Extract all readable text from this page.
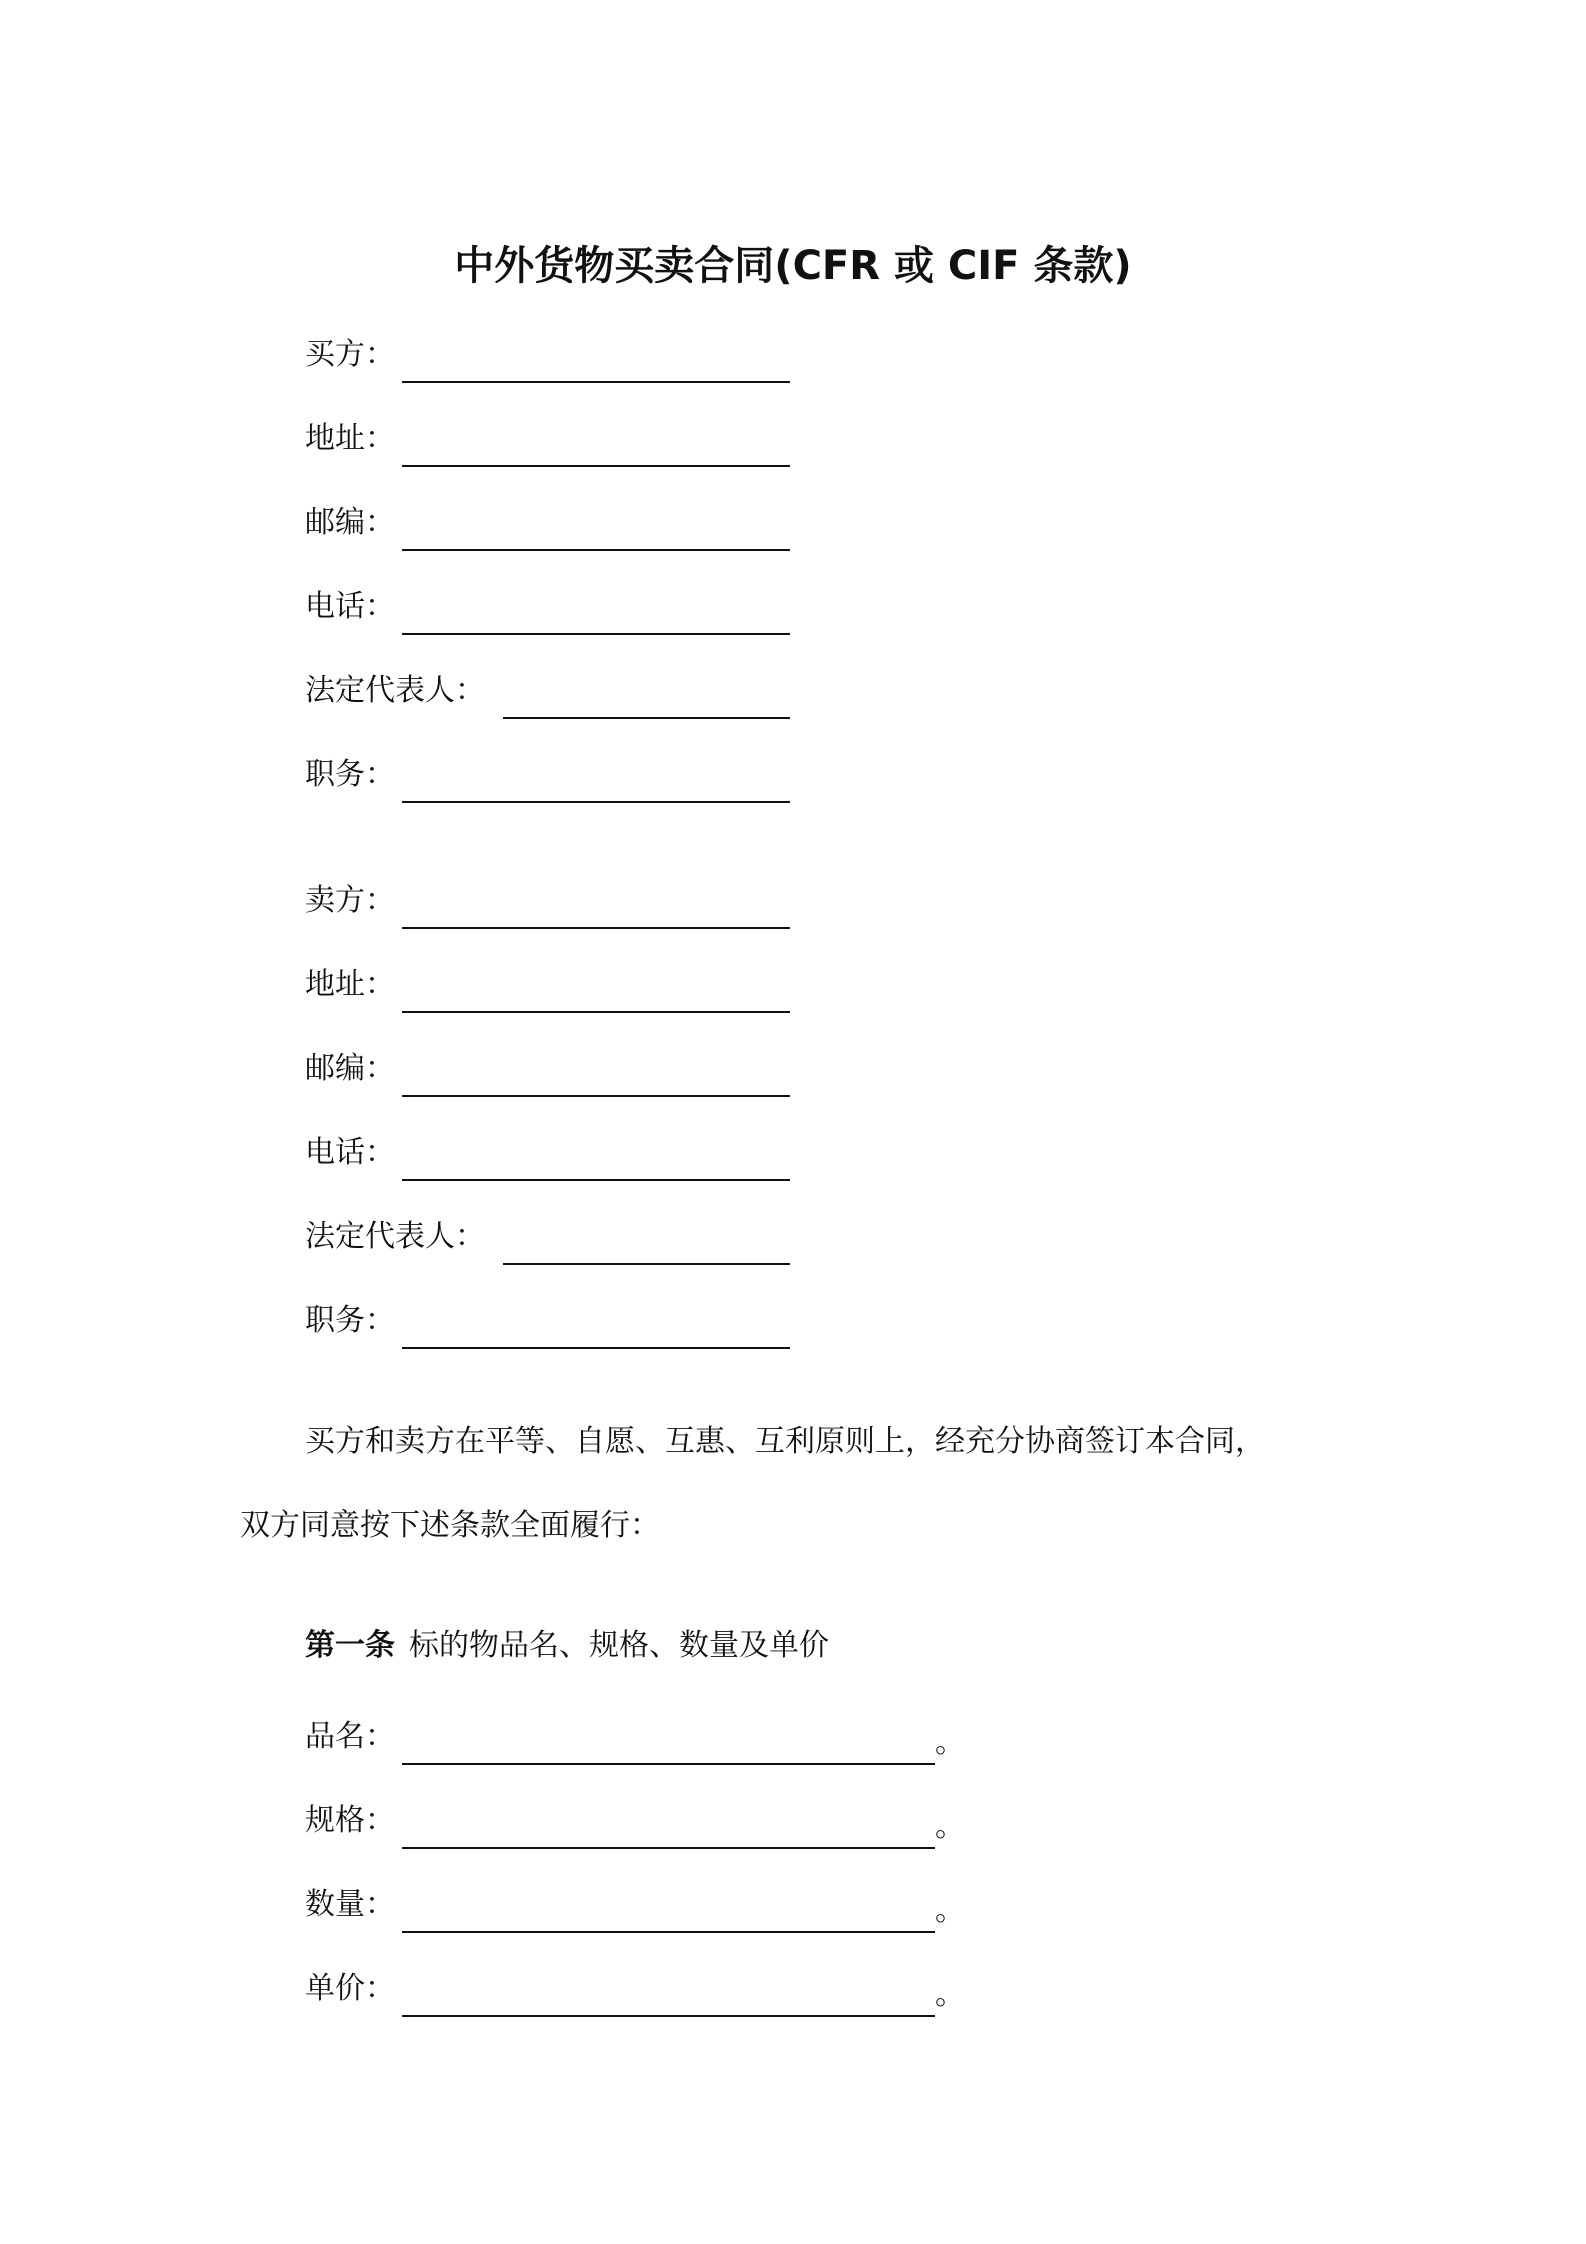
中外货物买卖合同(CFR 或 CIF 条款)
买方：
地址：
邮编：
电话：
法定代表人：
职务：
卖方：
地址：
邮编：
电话：
法定代表人：
职务：
买方和卖方在平等、自愿、互惠、互利原则上，经充分协商签订本合同，
双方同意按下述条款全面履行：
第一条 标的物品名、规格、数量及单价
品名：	。
规格：	。
数量：	。
单价：	。
